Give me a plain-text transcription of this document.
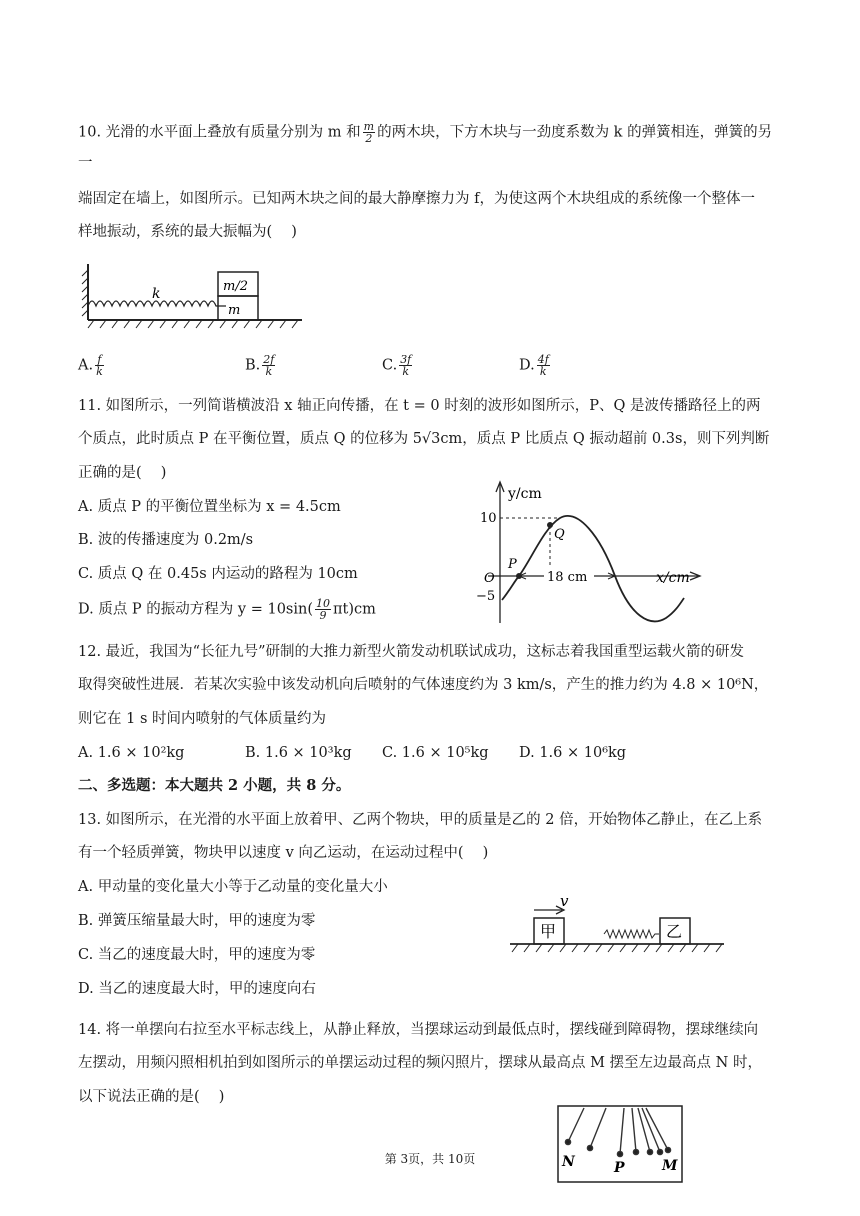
10. 光滑的水平面上叠放有质量分别为 m 和 $\frac{m}{2}$ 的两木块，下方木块与一劲度系数为 k 的弹簧相连，弹簧的另
一
端固定在墙上，如图所示。已知两木块之间的最大静摩擦力为 f，为使这两个木块组成的系统像一个整体一
样地振动，系统的最大振幅为(　 )
k
m
m/2
A. $\frac{f}{k}$	B. $\frac{2f}{k}$	C. $\frac{3f}{k}$	D. $\frac{4f}{k}$
11. 如图所示，一列简谐横波沿 x 轴正向传播，在 t = 0 时刻的波形如图所示，P、Q 是波传播路径上的两
个质点，此时质点 P 在平衡位置，质点 Q 的位移为 5√3cm，质点 P 比质点 Q 振动超前 0.3s，则下列判断
正确的是(　 )
A. 质点 P 的平衡位置坐标为 x = 4.5cm
B. 波的传播速度为 0.2m/s
C. 质点 Q 在 0.45s 内运动的路程为 10cm
D. 质点 P 的振动方程为 $y = 10\sin( \frac{10}{9} \pi t)cm$
y/cm
x/cm
10
−5
O
P
Q
18 cm
12. 最近，我国为“长征九号”研制的大推力新型火箭发动机联试成功，这标志着我国重型运载火箭的研发
取得突破性进展．若某次实验中该发动机向后喷射的气体速度约为 3 km/s，产生的推力约为 4.8 × 10⁶N，
则它在 1 s 时间内喷射的气体质量约为
A. 1.6 × 10²kg	B. 1.6 × 10³kg C. 1.6 × 10⁵kg D. 1.6 × 10⁶kg
二、多选题：本大题共 2 小题，共 8 分。
13. 如图所示，在光滑的水平面上放着甲、乙两个物块，甲的质量是乙的 2 倍，开始物体乙静止，在乙上系
有一个轻质弹簧，物块甲以速度 v 向乙运动，在运动过程中(　 )
A. 甲动量的变化量大小等于乙动量的变化量大小
B. 弹簧压缩量最大时，甲的速度为零
C. 当乙的速度最大时，甲的速度为零
D. 当乙的速度最大时，甲的速度向右
甲
v
乙
14. 将一单摆向右拉至水平标志线上，从静止释放，当摆球运动到最低点时，摆线碰到障碍物，摆球继续向
左摆动，用频闪照相机拍到如图所示的单摆运动过程的频闪照片，摆球从最高点 M 摆至左边最高点 N 时，
以下说法正确的是(　 )
N	P	M
第 3页，共 10页
